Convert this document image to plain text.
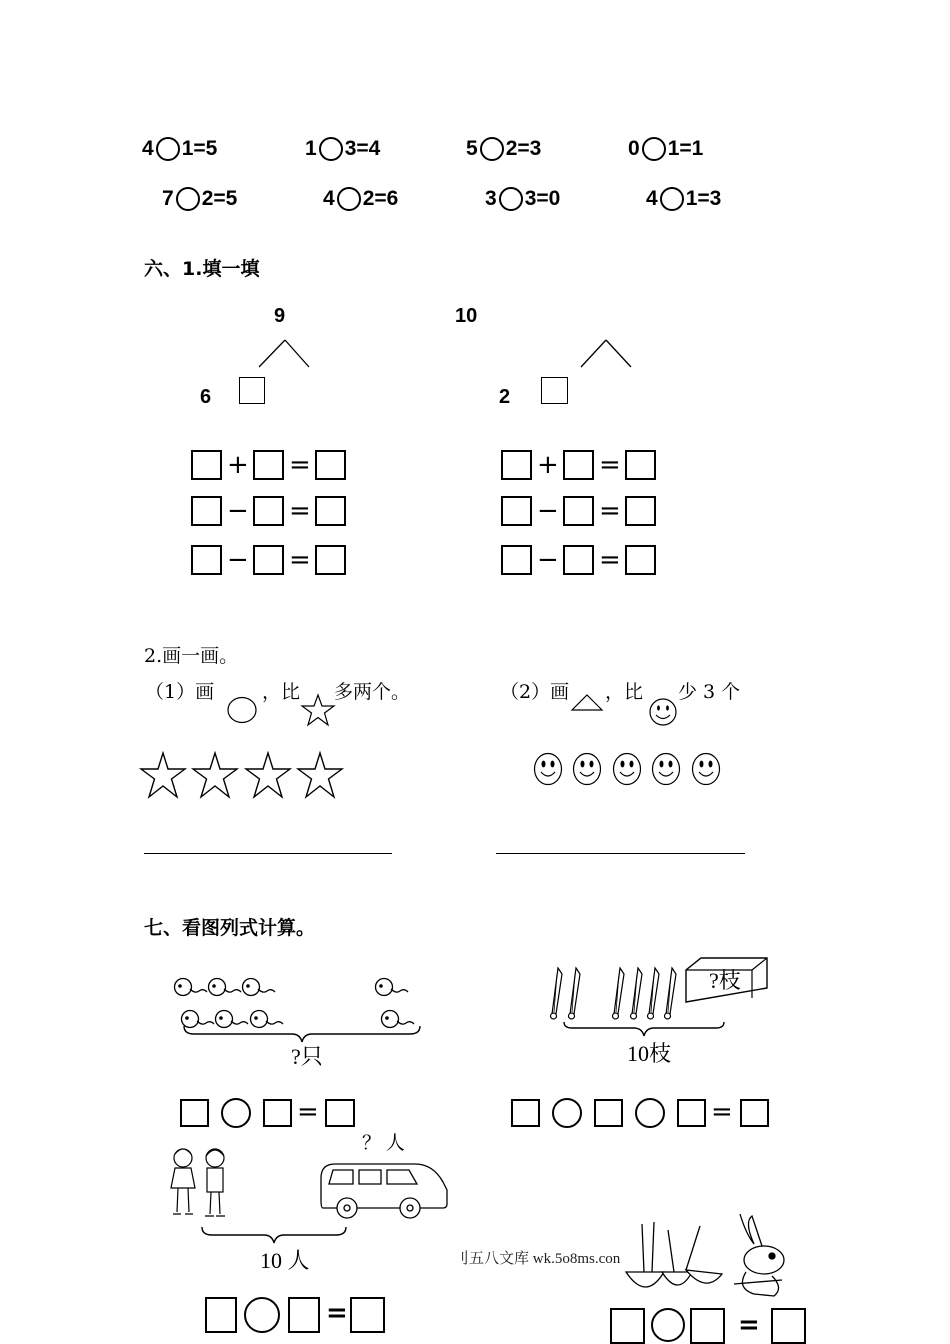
4 1=5	1 3=4	5 2=3	0 1=1
7 2=5	4 2=6	3 3=0	4 1=3
六、1.填一填
9
6
10
2
+ =
− =
− =
+ =
− =
− =
2.画一画。
（1）画	，比 多两个。	（2）画 ，比 少 3 个
七、看图列式计算。
?只
=
?枝
10枝
=
？ 人
10 人
=	=
刂五八文库 wk.5o8ms.con
